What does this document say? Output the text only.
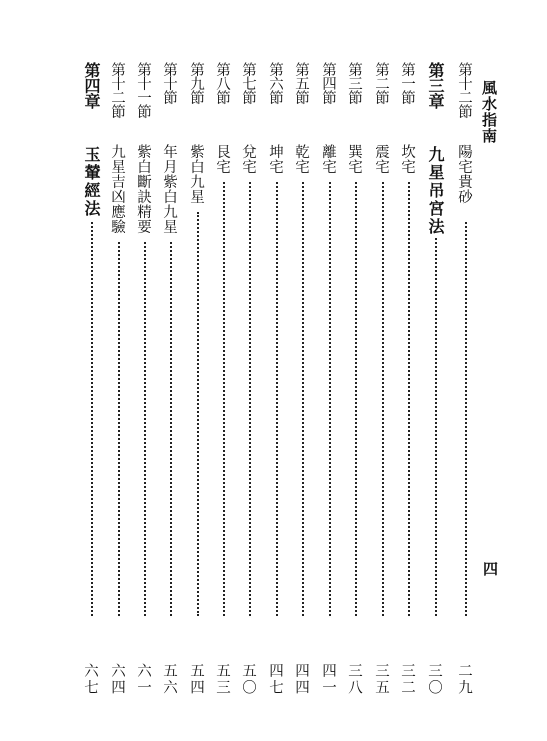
風水指南
四
第十二節
陽宅貴砂
二九
第三章
九星吊宮法
三〇
第一節
坎宅
三二
第二節
震宅
三五
第三節
巽宅
三八
第四節
離宅
四一
第五節
乾宅
四四
第六節
坤宅
四七
第七節
兌宅
五〇
第八節
艮宅
五三
第九節
紫白九星
五四
第十節
年月紫白九星
五六
第十一節
紫白斷訣精要
六一
第十二節
九星吉凶應驗
六四
第四章
玉輦經法
六七
